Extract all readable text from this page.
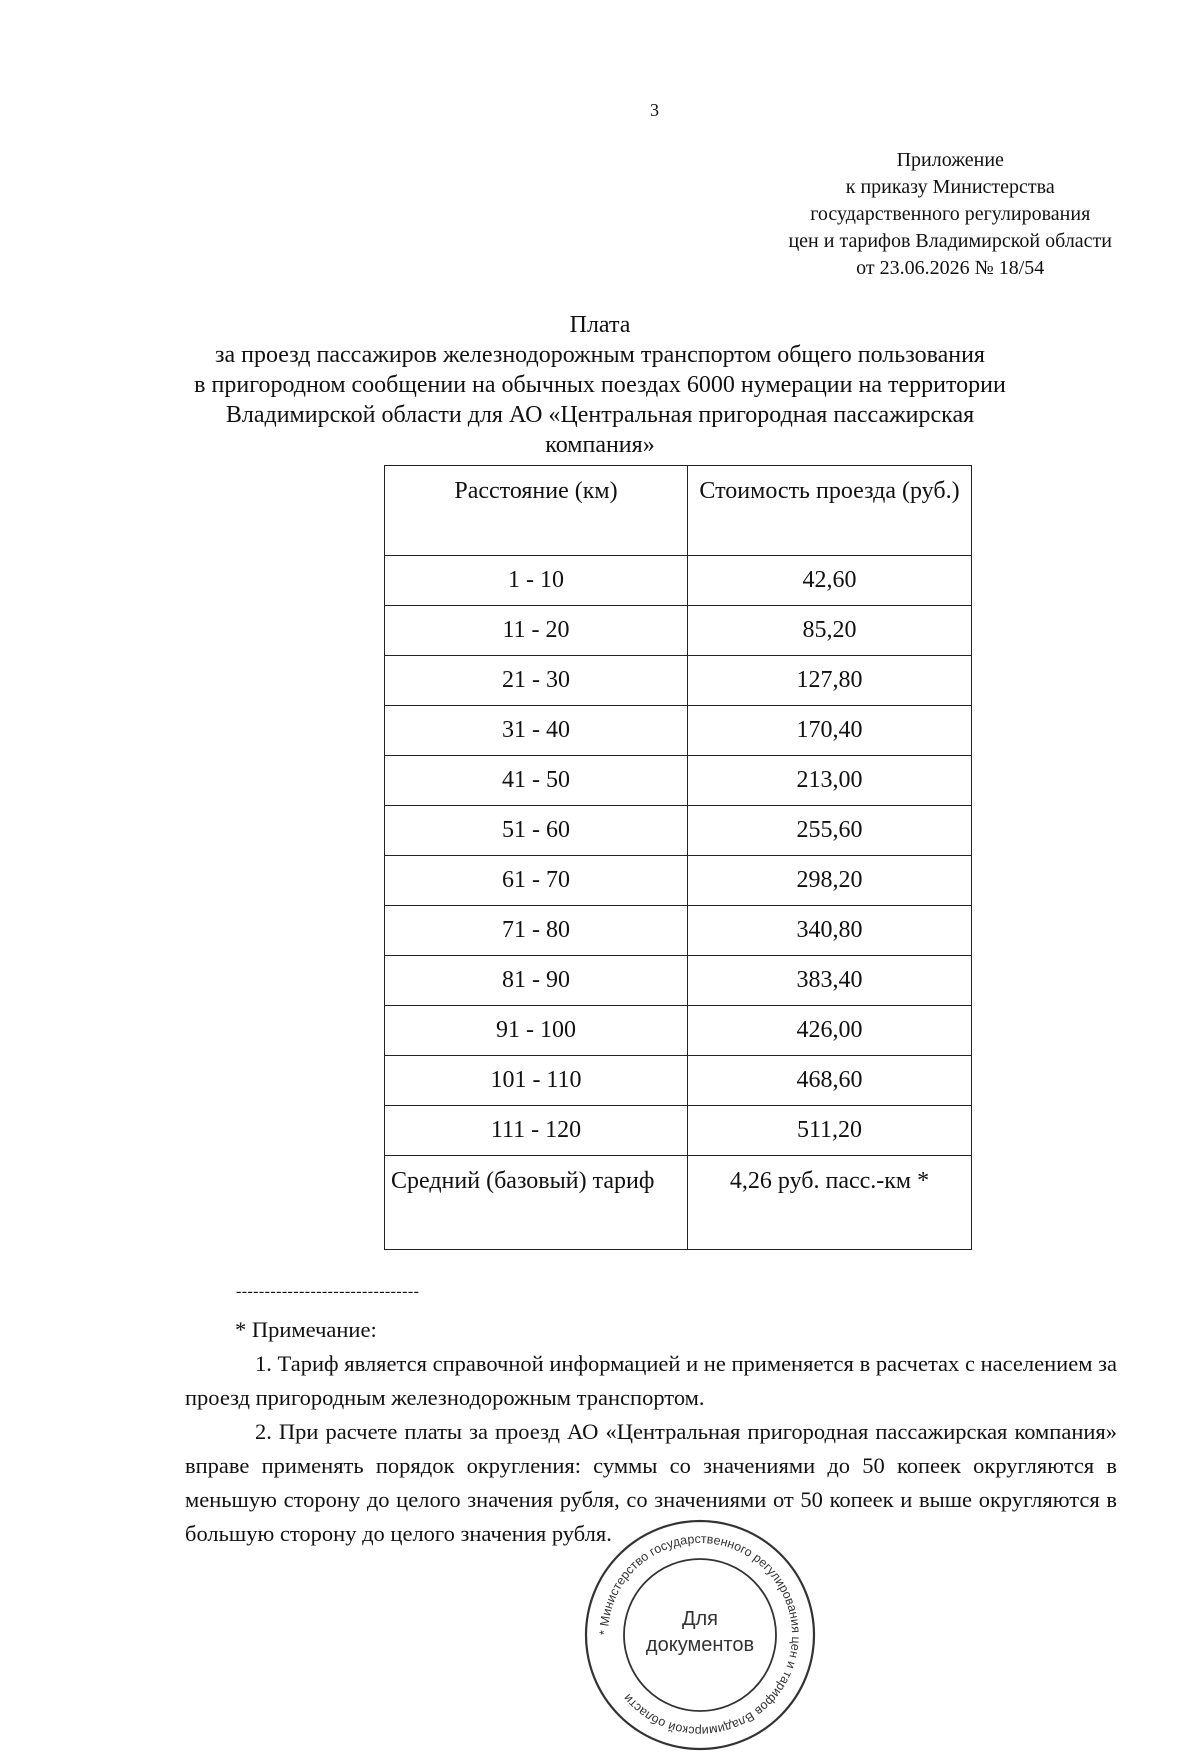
3
Приложение
к приказу Министерства
государственного регулирования
цен и тарифов Владимирской области
от 23.06.2026 № 18/54
Плата
за проезд пассажиров железнодорожным транспортом общего пользования
в пригородном сообщении на обычных поездах 6000 нумерации на территории
Владимирской области для АО «Центральная пригородная пассажирская
компания»
Расстояние (км)	Стоимость проезда (руб.)
1 - 10	42,60
11 - 20	85,20
21 - 30	127,80
31 - 40	170,40
41 - 50	213,00
51 - 60	255,60
61 - 70	298,20
71 - 80	340,80
81 - 90	383,40
91 - 100	426,00
101 - 110	468,60
111 - 120	511,20
Средний (базовый) тариф	4,26 руб. пасс.-км *
--------------------------------

* Примечание:

1. Тариф является справочной информацией и не применяется в расчетах с населением за проезд пригородным железнодорожным транспортом.

2. При расчете платы за проезд АО «Центральная пригородная пассажирская компания» вправе применять порядок округления: суммы со значениями до 50 копеек округляются в меньшую сторону до целого значения рубля, со значениями от 50 копеек и выше округляются в большую сторону до целого значения рубля.

* Министерство государственного регулирования цен и тарифов Владимирской области
Для
документов
